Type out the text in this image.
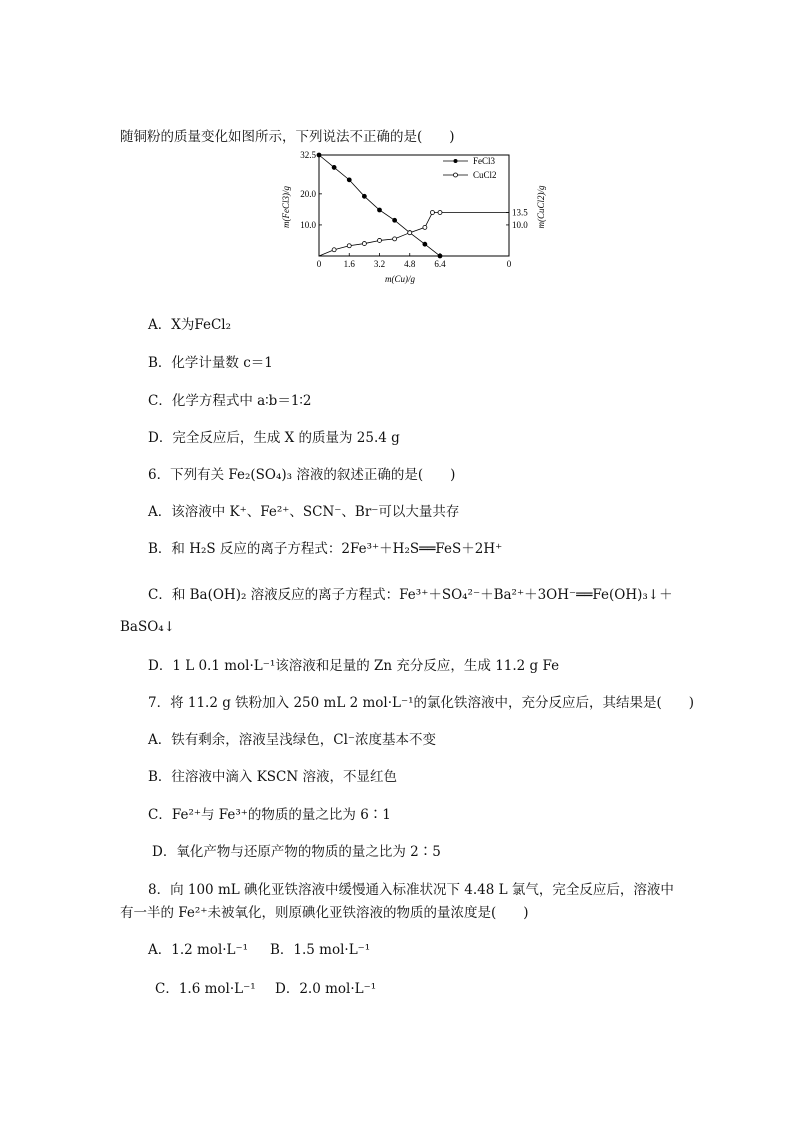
随铜粉的质量变化如图所示，下列说法不正确的是(　　)
0 1.6 3.2 4.8 6.4	0
32.5
20.0
10.0
13.5
10.0
m(FeCl3)/g	m(CuCl2)/g
m(Cu)/g
FeCl3
CuCl2
A．X为FeCl₂
B．化学计量数 c＝1
C．化学方程式中 a∶b＝1∶2
D．完全反应后，生成 X 的质量为 25.4 g
6．下列有关 Fe₂(SO₄)₃ 溶液的叙述正确的是(　　)
A．该溶液中 K⁺、Fe²⁺、SCN⁻、Br⁻可以大量共存
B．和 H₂S 反应的离子方程式：2Fe³⁺＋H₂S══FeS＋2H⁺
C．和 Ba(OH)₂ 溶液反应的离子方程式：Fe³⁺＋SO₄²⁻＋Ba²⁺＋3OH⁻══Fe(OH)₃↓＋
BaSO₄↓
D．1 L 0.1 mol·L⁻¹该溶液和足量的 Zn 充分反应，生成 11.2 g Fe
7．将 11.2 g 铁粉加入 250 mL 2 mol·L⁻¹的氯化铁溶液中，充分反应后，其结果是(　　)
A．铁有剩余，溶液呈浅绿色，Cl⁻浓度基本不变
B．往溶液中滴入 KSCN 溶液，不显红色
C．Fe²⁺与 Fe³⁺的物质的量之比为 6∶1
D．氧化产物与还原产物的物质的量之比为 2∶5
8．向 100 mL 碘化亚铁溶液中缓慢通入标准状况下 4.48 L 氯气，完全反应后，溶液中
有一半的 Fe²⁺未被氧化，则原碘化亚铁溶液的物质的量浓度是(　　)
A．1.2 mol·L⁻¹ B．1.5 mol·L⁻¹
C．1.6 mol·L⁻¹ D．2.0 mol·L⁻¹
